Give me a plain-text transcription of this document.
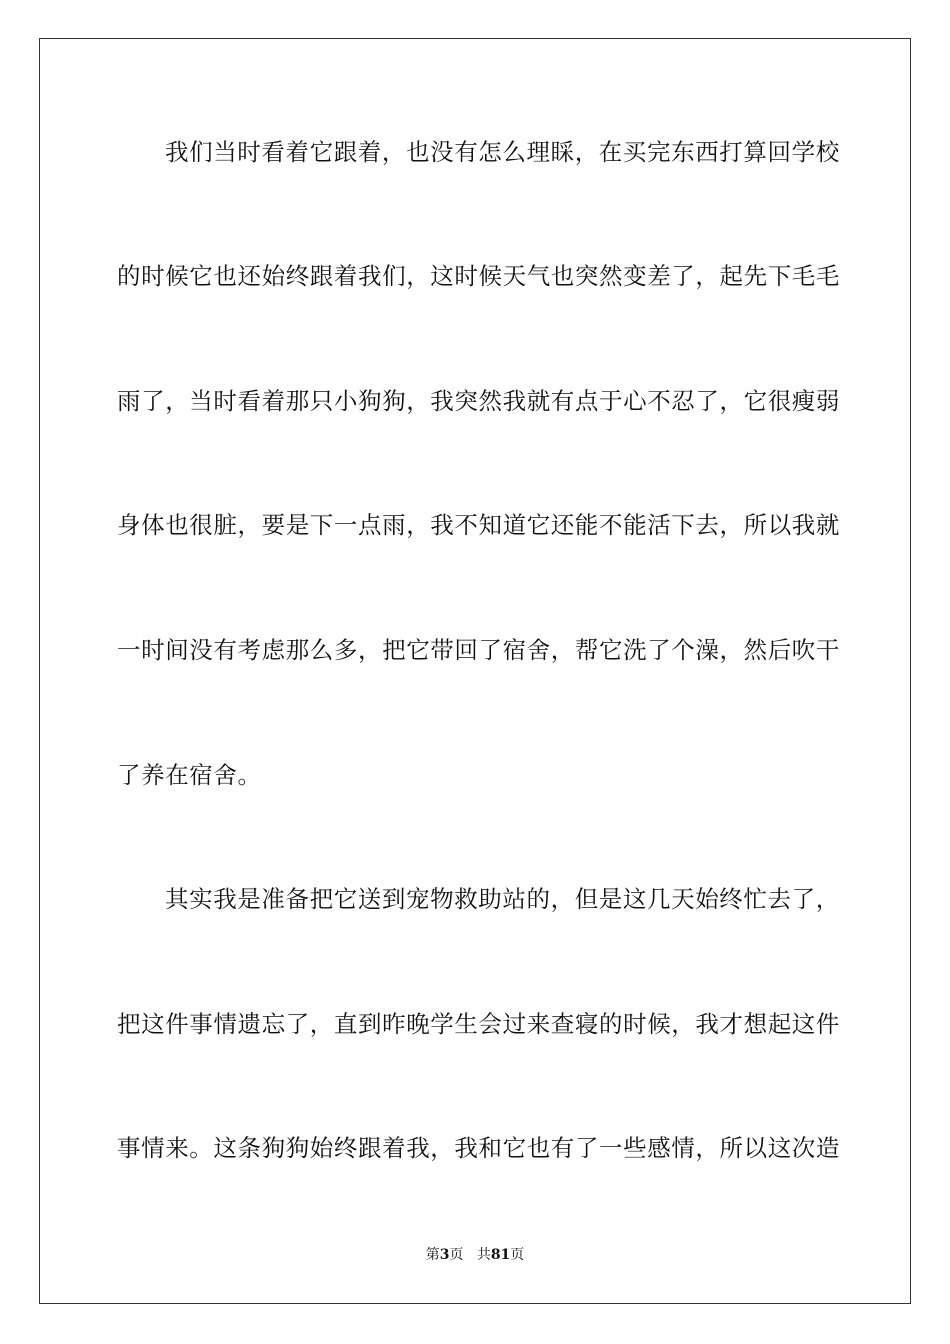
我们当时看着它跟着，也没有怎么理睬，在买完东西打算回学校
的时候它也还始终跟着我们，这时候天气也突然变差了，起先下毛毛
雨了，当时看着那只小狗狗，我突然我就有点于心不忍了，它很瘦弱
身体也很脏，要是下一点雨，我不知道它还能不能活下去，所以我就
一时间没有考虑那么多，把它带回了宿舍，帮它洗了个澡，然后吹干
了养在宿舍。
其实我是准备把它送到宠物救助站的，但是这几天始终忙去了，
把这件事情遗忘了，直到昨晚学生会过来查寝的时候，我才想起这件
事情来。这条狗狗始终跟着我，我和它也有了一些感情，所以这次造
第3页 共81页
